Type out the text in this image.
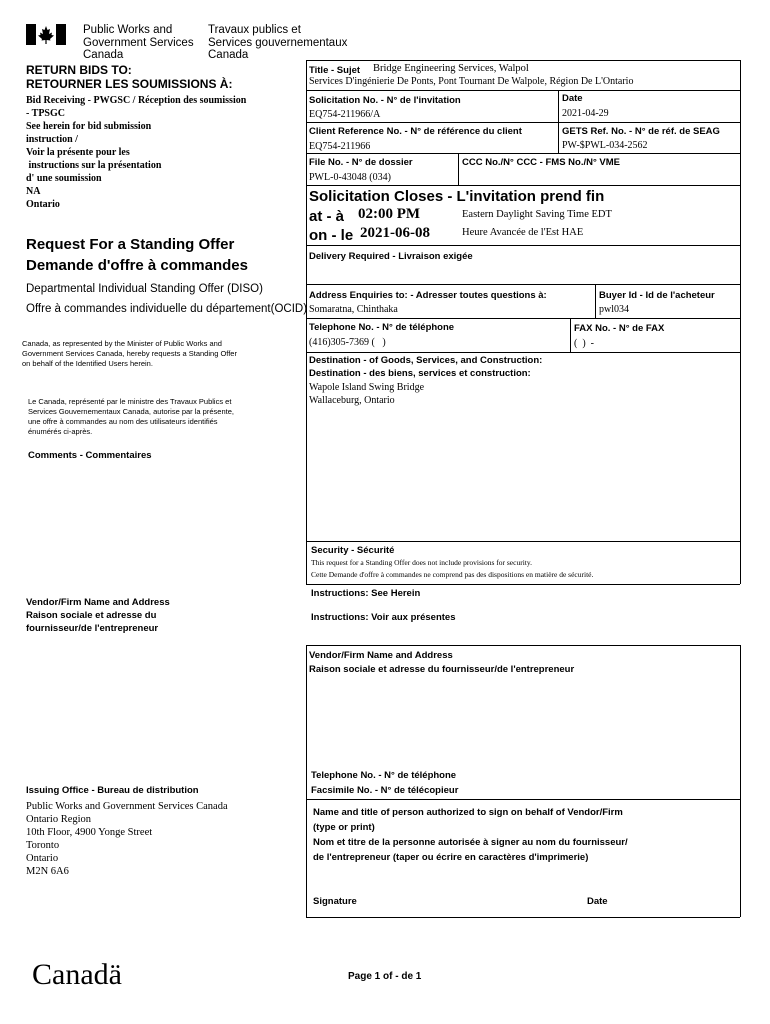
Public Works and
Government Services
Canada
Travaux publics et
Services gouvernementaux
Canada
RETURN BIDS TO:
RETOURNER LES SOUMISSIONS À:
Bid Receiving - PWGSC / Réception des soumission
- TPSGC
See herein for bid submission
instruction /
Voir la présente pour les
instructions sur la présentation
d' une soumission
NA
Ontario
Request For a Standing Offer
Demande d'offre à commandes
Departmental Individual Standing Offer (DISO)
Offre à commandes individuelle du département(OCID)
Canada, as represented by the Minister of Public Works and
Government Services Canada, hereby requests a Standing Offer
on behalf of the Identified Users herein.
Le Canada, représenté par le ministre des Travaux Publics et
Services Gouvernementaux Canada, autorise par la présente,
une offre à commandes au nom des utilisateurs identifiés
énumérés ci-après.
Comments - Commentaires
Vendor/Firm Name and Address
Raison sociale et adresse du
fournisseur/de l'entrepreneur
Issuing Office - Bureau de distribution
Public Works and Government Services Canada
Ontario Region
10th Floor, 4900 Yonge Street
Toronto
Ontario
M2N 6A6
Title - Sujet Bridge Engineering Services, Walpol
Services D'ingénierie De Ponts, Pont Tournant De Walpole, Région De L'Ontario
Solicitation No. - N° de l'invitation
EQ754-211966/A
Date
2021-04-29
Client Reference No. - N° de référence du client
EQ754-211966
GETS Ref. No. - N° de réf. de SEAG
PW-$PWL-034-2562
File No. - N° de dossier
PWL-0-43048 (034)
CCC No./N° CCC - FMS No./N° VME
Solicitation Closes - L'invitation prend fin
at - à 02:00 PM
on - le 2021-06-08
Eastern Daylight Saving Time EDT
Heure Avancée de l'Est HAE
Delivery Required - Livraison exigée
Address Enquiries to: - Adresser toutes questions à:
Somaratna, Chinthaka
Buyer Id - Id de l'acheteur
pwl034
Telephone No. - N° de téléphone
(416)305-7369 (   )
FAX No. - N° de FAX
(  )  -
Destination - of Goods, Services, and Construction:
Destination - des biens, services et construction:
Wapole Island Swing Bridge
Wallaceburg, Ontario
Security - Sécurité
This request for a Standing Offer does not include provisions for security.
Cette Demande d'offre à commandes ne comprend pas des dispositions en matière de sécurité.
Instructions: See Herein
Instructions: Voir aux présentes
Vendor/Firm Name and Address
Raison sociale et adresse du fournisseur/de l'entrepreneur
Telephone No. - N° de téléphone
Facsimile No. - N° de télécopieur
Name and title of person authorized to sign on behalf of Vendor/Firm
(type or print)
Nom et titre de la personne autorisée à signer au nom du fournisseur/
de l'entrepreneur (taper ou écrire en caractères d'imprimerie)
Signature	Date
Canadä	Page 1 of - de 1
